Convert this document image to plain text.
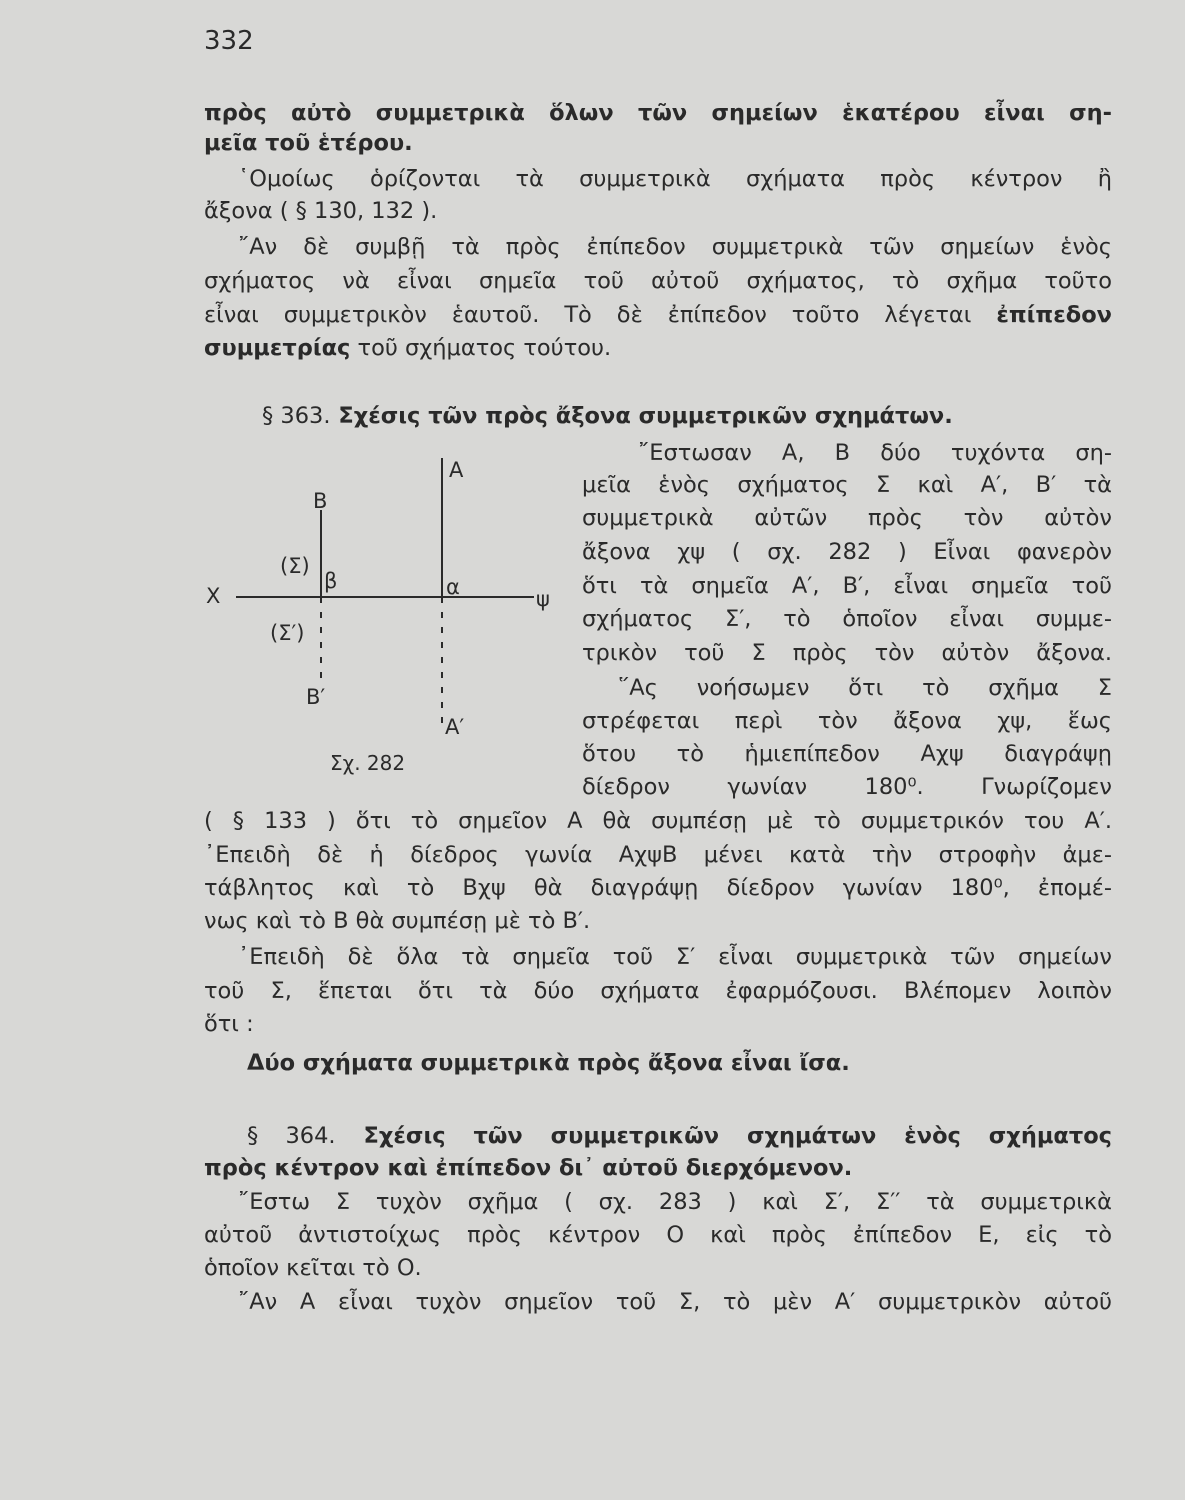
332
πρὸς αὐτὸ συμμετρικὰ ὅλων τῶν σημείων ἑκατέρου εἶναι ση-
μεῖα τοῦ ἑτέρου.
῾Ομοίως ὁρίζονται τὰ συμμετρικὰ σχήματα πρὸς κέντρον ἢ
ἄξονα ( § 130, 132 ).
῎Αν δὲ συμβῇ τὰ πρὸς ἐπίπεδον συμμετρικὰ τῶν σημείων ἑνὸς
σχήματος νὰ εἶναι σημεῖα τοῦ αὐτοῦ σχήματος, τὸ σχῆμα τοῦτο
εἶναι συμμετρικὸν ἑαυτοῦ. Τὸ δὲ ἐπίπεδον τοῦτο λέγεται ἐπίπεδον
συμμετρίας τοῦ σχήματος τούτου.
§ 363. Σχέσις τῶν πρὸς ἄξονα συμμετρικῶν σχημάτων.
A
B
(Σ)
β	α
X	ψ
(Σ′)
B′
A′
Σχ. 282
῎Εστωσαν Α, Β δύο τυχόντα ση-
μεῖα ἑνὸς σχήματος Σ καὶ Α′, Β′ τὰ
συμμετρικὰ αὐτῶν πρὸς τὸν αὐτὸν
ἄξονα χψ ( σχ. 282 ) Εἶναι φανερὸν
ὅτι τὰ σημεῖα Α′, Β′, εἶναι σημεῖα τοῦ
σχήματος Σ′, τὸ ὁποῖον εἶναι συμμε-
τρικὸν τοῦ Σ πρὸς τὸν αὐτὸν ἄξονα.
῞Ας νοήσωμεν ὅτι τὸ σχῆμα Σ
στρέφεται περὶ τὸν ἄξονα χψ, ἕως
ὅτου τὸ ἡμιεπίπεδον Αχψ διαγράψῃ
δίεδρον γωνίαν 180⁰. Γνωρίζομεν
( § 133 ) ὅτι τὸ σημεῖον Α θὰ συμπέσῃ μὲ τὸ συμμετρικόν του Α′.
᾿Επειδὴ δὲ ἡ δίεδρος γωνία ΑχψΒ μένει κατὰ τὴν στροφὴν ἀμε-
τάβλητος καὶ τὸ Βχψ θὰ διαγράψῃ δίεδρον γωνίαν 180⁰, ἐπομέ-
νως καὶ τὸ Β θὰ συμπέσῃ μὲ τὸ Β′.
᾿Επειδὴ δὲ ὅλα τὰ σημεῖα τοῦ Σ′ εἶναι συμμετρικὰ τῶν σημείων
τοῦ Σ, ἕπεται ὅτι τὰ δύο σχήματα ἐφαρμόζουσι. Βλέπομεν λοιπὸν
ὅτι :
Δύο σχήματα συμμετρικὰ πρὸς ἄξονα εἶναι ἴσα.
§ 364. Σχέσις τῶν συμμετρικῶν σχημάτων ἑνὸς σχήματος
πρὸς κέντρον καὶ ἐπίπεδον δι᾿ αὐτοῦ διερχόμενον.
῎Εστω Σ τυχὸν σχῆμα ( σχ. 283 ) καὶ Σ′, Σ′′ τὰ συμμετρικὰ
αὐτοῦ ἀντιστοίχως πρὸς κέντρον Ο καὶ πρὸς ἐπίπεδον Ε, εἰς τὸ
ὁποῖον κεῖται τὸ Ο.
῎Αν Α εἶναι τυχὸν σημεῖον τοῦ Σ, τὸ μὲν Α′ συμμετρικὸν αὐτοῦ
